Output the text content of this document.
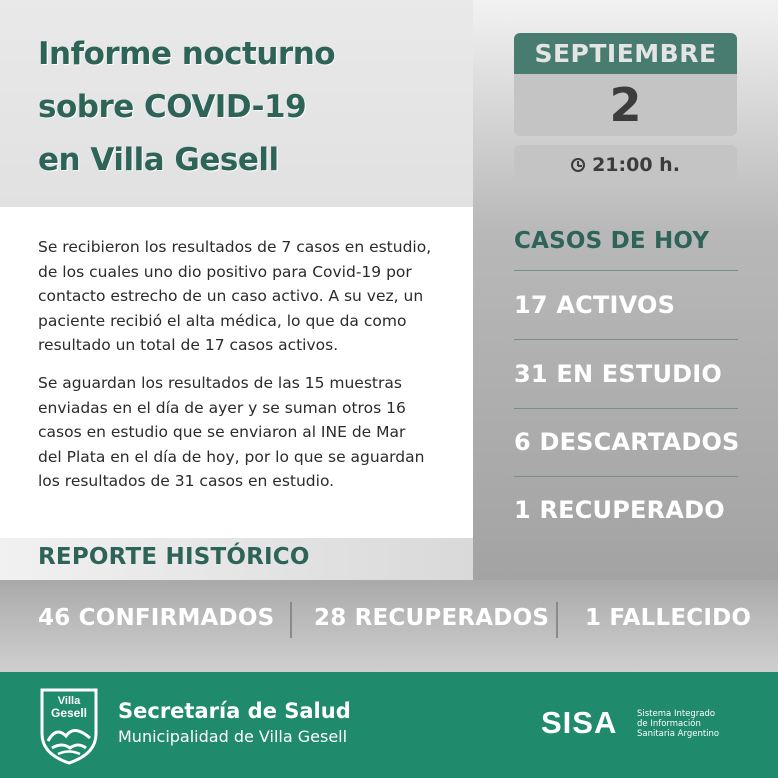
Informe nocturno
sobre COVID-19
en Villa Gesell
SEPTIEMBRE
2
21:00 h.
CASOS DE HOY
17 ACTIVOS
31 EN ESTUDIO
6 DESCARTADOS
1 RECUPERADO
Se recibieron los resultados de 7 casos en estudio,
de los cuales uno dio positivo para Covid-19 por
contacto estrecho de un caso activo. A su vez, un
paciente recibió el alta médica, lo que da como
resultado un total de 17 casos activos.
Se aguardan los resultados de las 15 muestras
enviadas en el día de ayer y se suman otros 16
casos en estudio que se enviaron al INE de Mar
del Plata en el día de hoy, por lo que se aguardan
los resultados de 31 casos en estudio.
REPORTE HISTÓRICO
46 CONFIRMADOS 28 RECUPERADOS 1 FALLECIDO
Villa
Gesell Secretaría de Salud
Municipalidad de Villa Gesell	SISA Sistema Integrado
de Información
Sanitaria Argentino
